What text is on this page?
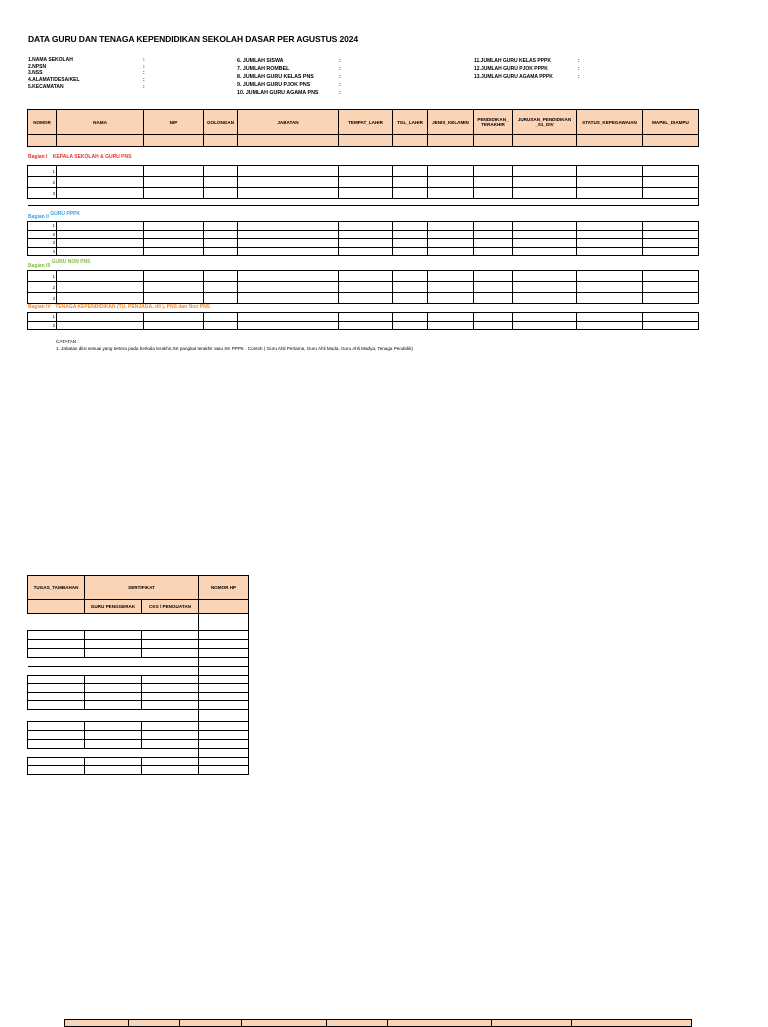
DATA GURU DAN TENAGA KEPENDIDIKAN SEKOLAH DASAR PER AGUSTUS 2024
1.NAMA SEKOLAH	:
2.NPSN	:
3.NSS	:
4.ALAMAT/DESA/KEL	:
5.KECAMATAN	:
6. JUMLAH SISWA	:
7. JUMLAH ROMBEL	:
8. JUMLAH GURU KELAS PNS	:
9. JUMLAH GURU PJOK PNS	:
10. JUMLAH GURU AGAMA PNS	:
11.JUMLAH GURU KELAS PPPK	:
12.JUMLAH GURU PJOK PPPK	:
13.JUMLAH GURU AGAMA PPPK	:
NOMOR	NAMA	NIP	GOLONGAN	JABATAN	TEMPAT_LAHIR	TGL_LAHIR	JENIS_KELAMIN	PENDIDIKAN_ TERAKHIR	JURUSAN_PENDIDIKAN _S1_DIV	STATUS_KEPEGAWAIAN	MAPEL_DIAMPU

Bagian I KEPALA SEKOLAH & GURU PNS
1											
2											
3											

Bagian II GURU PPPK
1											
2											
3											
4											
Bagian III GURU NON PNS
1											
2											
3											
Bagian IV TENAGA KEPENDIDIKAN (TU, PENJAGA, dll ), PNS dan Non PNS
1											
2											
CATATAN :
1. Jabatan diisi sesuai yang tertera pada berkala terakhir,SK pangkat terakhir atau SK PPPK . Contoh ( Guru Ahli Pertama, Guru Ahli Muda, Guru Ahli Madya, Tenaga Pendidik)
TUGAS_TAMBAHAN	SERTIFIKAT		NOMOR HP
	GURU PENGGERAK	CKS / PENGUATAN	
